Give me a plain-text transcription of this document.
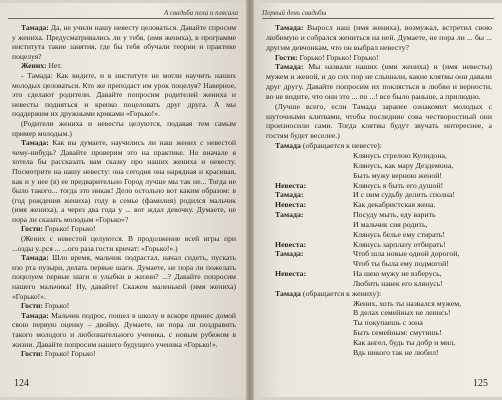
А свадьба пела и плясала

Тамада: Да, не учили нашу невесту целоваться. Давайте спросим у жениха. Предусматривались ли у тебя, (имя жениха), в программе института такие занятия, где бы тебя обучали теории и практике поцелуя?

Жених: Нет.

- Тамада: Как видите, и в институте не могли научить наших молодых целоваться. Кто же преподаст им урок поцелуя? Наверное, это сделают родители. Давайте попросим родителей жениха и невесты подняться и крепко поцеловать друг друга. А мы поддержим их дружными криками «Горько!».

(Родители жениха и невесты целуются, подавая тем самым пример молодым.)

Тамада: Как вы думаете, научились ли наш жених с невестой чему-нибудь? Давайте проверим это на практике. Но вначале я хотела бы рассказать вам сказку про наших жениха и невесту. Посмотрите на нашу невесту: она сегодня она нарядная и красивая, как и у нее (в) ее предварительно Город лучше мы так не... Тогда не было такого... тогда это никак! Дело остольно вот каким образом: в (год рождения жениха) году в семье (фамилия) родился мальчик (имя жениха), а через два года у ... вот ждал девочку. Думаете, не пора ли сказать молодым «Горько»?

Гости: Горько! Горько!

(Жених с невестой целуются. В продолжение всей игры при ...озды у..рся ... ...ого раза гости кричат: «Горько!».)

Тамада: Шло время, мальчик подрастал, начал сидеть, пускать изо рта пузыри, делать первые шаги. Думаете, не пора ли пожелать поцелуем первые шаги и улыбки в жизни? ...? Давайте попросим нашего мальчика! Ну, давайте! Скажем маленькой (имя жениха) «Горько!».

Гости: Горько!

Тамада: Мальчик подрос, пошел в школу и вскоре принес домой свою первую оценку – двойку. Думаете, не пора ли поздравить такого молодого и любознательного ученика, с новым рубежом в жизни. Давайте попросим нашего будущего ученика «Горько!».

Гости: Горько! Горько!

124
Первый день свадьбы

Тамада: Выросл наш (имя жениха), возмужал, встретил свою любимую и собрался жениться на ней. Думаете, не пора ли ... бы ... другим девчонкам, что он выбрал невесту?

Гости: Горько! Горько! Горько!

Тамада: Мы назвали наших (имя жениха) и (имя невесты) мужем и женой, и до сих пор не слышали, какие клятвы они давали друг другу. Давайте попросим их поклясться в любви и верности, во не видите, что они это ... по ...! все было раньше, а прилюдно.

(Лучше всего, если Тамада заранее ознакомит молодых с шуточными клятвами, чтобы последние сова честворостный они произносили сами. Тогда клятвы будут звучать интереснее, а гостям будет веселее.)

Тамада (обращается к невесте):

Клянусь стрелою Купидона,
Клянусь, как мару Дездемона,
Быть мужу верною женой!
Невеста:	Клянусь я быть его душой!
Тамада:	И с ним судьбу делить сполна!
Невеста:	Как декабристская жена.
Тамада:	Посуду мыть, еду варить
И мальчик сия родить,
Клянусь белье ему стирать!
Невеста:	Клянусь зарплату отбирать!
Тамада:	Чтоб шла новые одной дорогой,
Чтоб ты была ему подмогой!
Невеста:	На шею мужу не взберусь,
Любить навек его клянусь!

Тамада (обращается к жениху):

Жених, хоть ты назвался мужем,
В делах семейных не ленись!
Ты покупаешь с зона
Быть семейным: смутишь!
Как ангел, будь ты добр и мил,
Вдь никого так не любил!
125
